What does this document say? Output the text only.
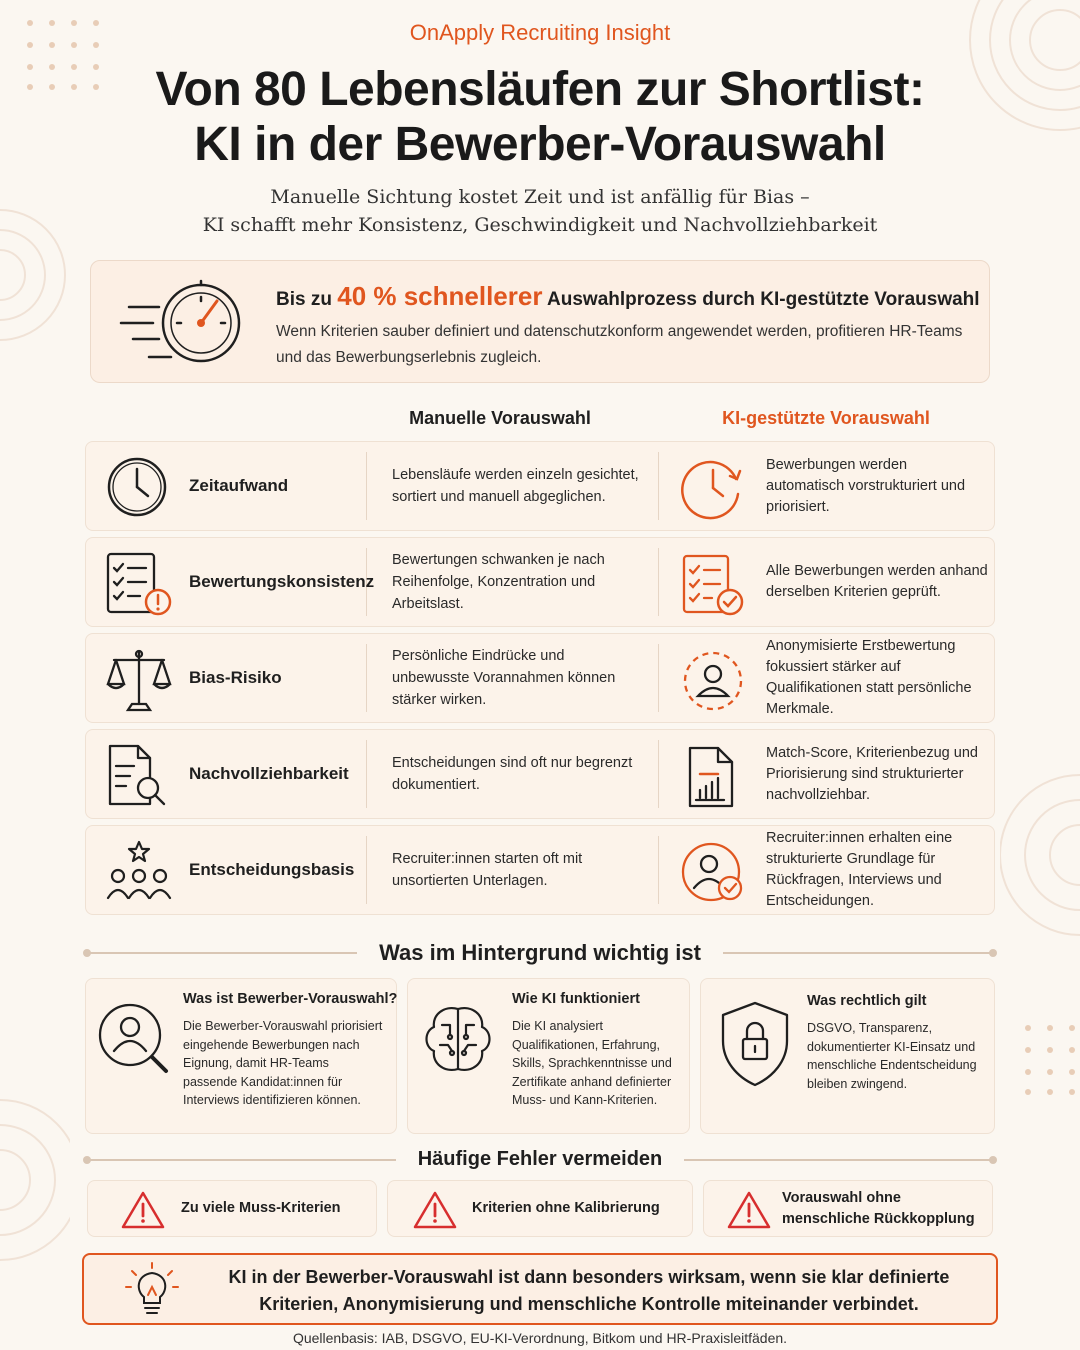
OnApply Recruiting Insight
Von 80 Lebensläufen zur Shortlist:
KI in der Bewerber-Vorauswahl
Manuelle Sichtung kostet Zeit und ist anfällig für Bias –
KI schafft mehr Konsistenz, Geschwindigkeit und Nachvollziehbarkeit
Bis zu 40 % schnellerer Auswahlprozess durch KI-gestützte Vorauswahl
Wenn Kriterien sauber definiert und datenschutzkonform angewendet werden, profitieren HR-Teams und das Bewerbungserlebnis zugleich.
Manuelle Vorauswahl	KI-gestützte Vorauswahl
Zeitaufwand
Lebensläufe werden einzeln gesichtet, sortiert und manuell abgeglichen.
Bewerbungen werden automatisch vorstrukturiert und priorisiert.
Bewertungskonsistenz
Bewertungen schwanken je nach Reihenfolge, Konzentration und Arbeitslast.
Alle Bewerbungen werden anhand derselben Kriterien geprüft.
Bias-Risiko
Persönliche Eindrücke und unbewusste Vorannahmen können stärker wirken.
Anonymisierte Erstbewertung fokussiert stärker auf Qualifikationen statt persönliche Merkmale.
Nachvollziehbarkeit
Entscheidungen sind oft nur begrenzt dokumentiert.
Match-Score, Kriterienbezug und Priorisierung sind strukturierter nachvollziehbar.
Entscheidungsbasis
Recruiter:innen starten oft mit unsortierten Unterlagen.
Recruiter:innen erhalten eine strukturierte Grundlage für Rückfragen, Interviews und Entscheidungen.
Was im Hintergrund wichtig ist
Was ist Bewerber-Vorauswahl?
Die Bewerber-Vorauswahl priorisiert eingehende Bewerbungen nach Eignung, damit HR-Teams passende Kandidat:innen für Interviews identifizieren können.
Wie KI funktioniert
Die KI analysiert Qualifikationen, Erfahrung, Skills, Sprachkenntnisse und Zertifikate anhand definierter Muss- und Kann-Kriterien.
Was rechtlich gilt
DSGVO, Transparenz, dokumentierter KI-Einsatz und menschliche Endentscheidung bleiben zwingend.
Häufige Fehler vermeiden
Zu viele Muss-Kriterien	Kriterien ohne Kalibrierung
Vorauswahl ohne menschliche Rückkopplung
KI in der Bewerber-Vorauswahl ist dann besonders wirksam, wenn sie klar definierte Kriterien, Anonymisierung und menschliche Kontrolle miteinander verbindet.
Quellenbasis: IAB, DSGVO, EU-KI-Verordnung, Bitkom und HR-Praxisleitfäden.
